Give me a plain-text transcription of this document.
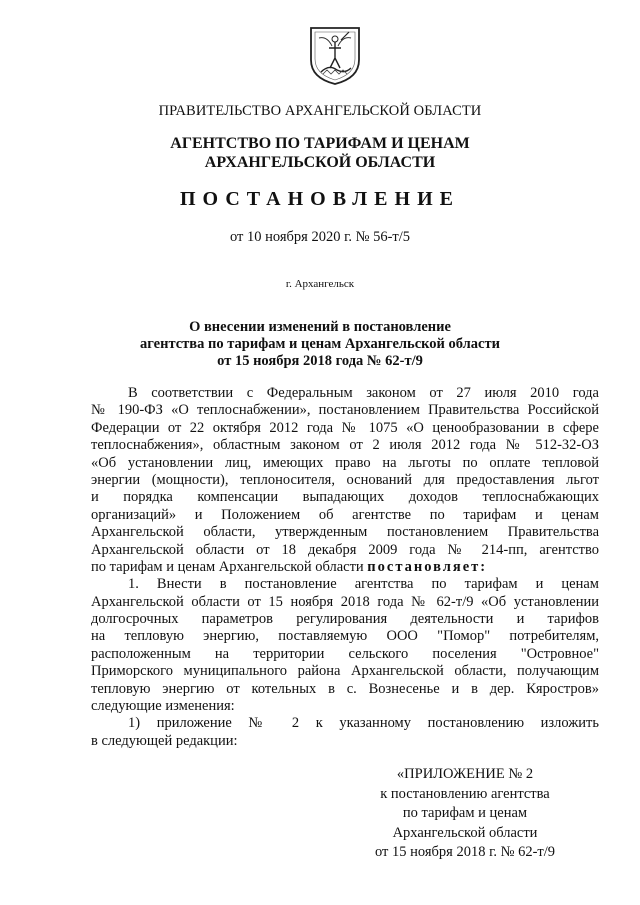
ПРАВИТЕЛЬСТВО АРХАНГЕЛЬСКОЙ ОБЛАСТИ
АГЕНТСТВО ПО ТАРИФАМ И ЦЕНАМ
АРХАНГЕЛЬСКОЙ ОБЛАСТИ
ПОСТАНОВЛЕНИЕ
от 10 ноября 2020 г. № 56-т/5
г. Архангельск
О внесении изменений в постановление
агентства по тарифам и ценам Архангельской области
от 15 ноября 2018 года № 62-т/9
В соответствии с Федеральным законом от 27 июля 2010 года
№ 190-ФЗ «О теплоснабжении», постановлением Правительства Российской
Федерации от 22 октября 2012 года № 1075 «О ценообразовании в сфере
теплоснабжения», областным законом от 2 июля 2012 года № 512-32-ОЗ
«Об установлении лиц, имеющих право на льготы по оплате тепловой
энергии (мощности), теплоносителя, оснований для предоставления льгот
и порядка компенсации выпадающих доходов теплоснабжающих
организаций» и Положением об агентстве по тарифам и ценам
Архангельской области, утвержденным постановлением Правительства
Архангельской области от 18 декабря 2009 года № 214-пп, агентство
по тарифам и ценам Архангельской области постановляет:
1. Внести в постановление агентства по тарифам и ценам
Архангельской области от 15 ноября 2018 года № 62-т/9 «Об установлении
долгосрочных параметров регулирования деятельности и тарифов
на тепловую энергию, поставляемую ООО "Помор" потребителям,
расположенным на территории сельского поселения "Островное"
Приморского муниципального района Архангельской области, получающим
тепловую энергию от котельных в с. Вознесенье и в дер. Кяростров»
следующие изменения:
1) приложение № 2 к указанному постановлению изложить
в следующей редакции:
«ПРИЛОЖЕНИЕ № 2
к постановлению агентства
по тарифам и ценам
Архангельской области
от 15 ноября 2018 г. № 62-т/9
